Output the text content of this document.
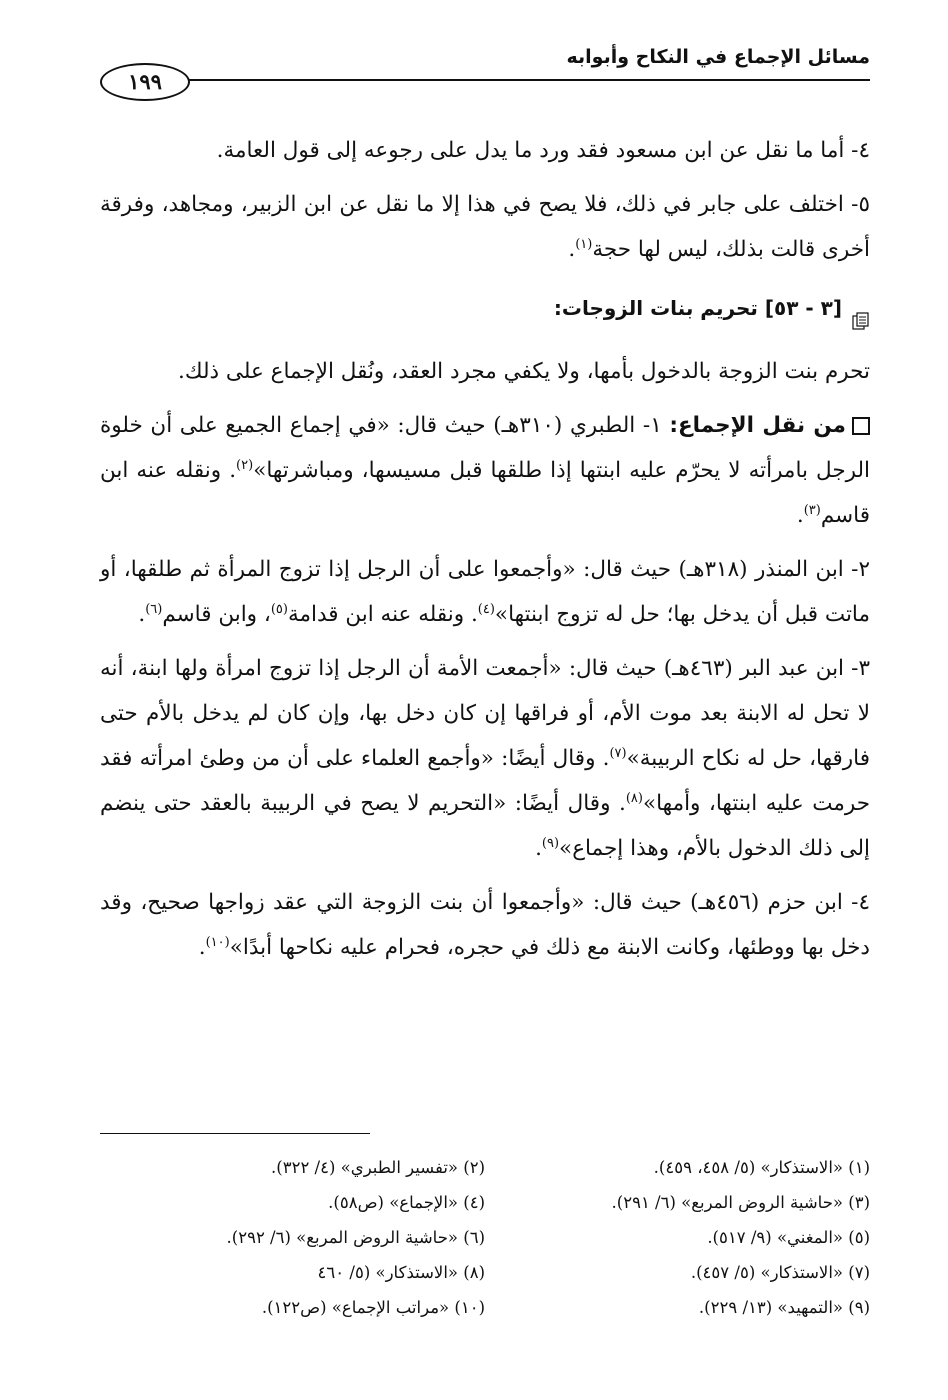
مسائل الإجماع في النكاح وأبوابه
١٩٩

٤- أما ما نقل عن ابن مسعود فقد ورد ما يدل على رجوعه إلى قول العامة.

٥- اختلف على جابر في ذلك، فلا يصح في هذا إلا ما نقل عن ابن الزبير، ومجاهد، وفرقة أخرى قالت بذلك، ليس لها حجة$^{(١)}$.

[٣ - ٥٣] تحريم بنات الزوجات:

تحرم بنت الزوجة بالدخول بأمها، ولا يكفي مجرد العقد، ونُقل الإجماع على ذلك.

من نقل الإجماع: ١- الطبري (٣١٠هـ) حيث قال: «في إجماع الجميع على أن خلوة الرجل بامرأته لا يحرّم عليه ابنتها إذا طلقها قبل مسيسها، ومباشرتها»$^{(٢)}$. ونقله عنه ابن قاسم$^{(٣)}$.

٢- ابن المنذر (٣١٨هـ) حيث قال: «وأجمعوا على أن الرجل إذا تزوج المرأة ثم طلقها، أو ماتت قبل أن يدخل بها؛ حل له تزوج ابنتها»$^{(٤)}$. ونقله عنه ابن قدامة$^{(٥)}$، وابن قاسم$^{(٦)}$.

٣- ابن عبد البر (٤٦٣هـ) حيث قال: «أجمعت الأمة أن الرجل إذا تزوج امرأة ولها ابنة، أنه لا تحل له الابنة بعد موت الأم، أو فراقها إن كان دخل بها، وإن كان لم يدخل بالأم حتى فارقها، حل له نكاح الربيبة»$^{(٧)}$. وقال أيضًا: «وأجمع العلماء على أن من وطئ امرأته فقد حرمت عليه ابنتها، وأمها»$^{(٨)}$. وقال أيضًا: «التحريم لا يصح في الربيبة بالعقد حتى ينضم إلى ذلك الدخول بالأم، وهذا إجماع»$^{(٩)}$.

٤- ابن حزم (٤٥٦هـ) حيث قال: «وأجمعوا أن بنت الزوجة التي عقد زواجها صحيح، وقد دخل بها ووطئها، وكانت الابنة مع ذلك في حجره، فحرام عليه نكاحها أبدًا»$^{(١٠)}$.

(١) «الاستذكار» (٥/ ٤٥٨، ٤٥٩).
(٢) «تفسير الطبري» (٤/ ٣٢٢).
(٣) «حاشية الروض المربع» (٦/ ٢٩١).
(٤) «الإجماع» (ص٥٨).
(٥) «المغني» (٩/ ٥١٧).
(٦) «حاشية الروض المربع» (٦/ ٢٩٢).
(٧) «الاستذكار» (٥/ ٤٥٧).
(٨) «الاستذكار» (٥/ ٤٦٠
(٩) «التمهيد» (١٣/ ٢٢٩).
(١٠) «مراتب الإجماع» (ص١٢٢).
